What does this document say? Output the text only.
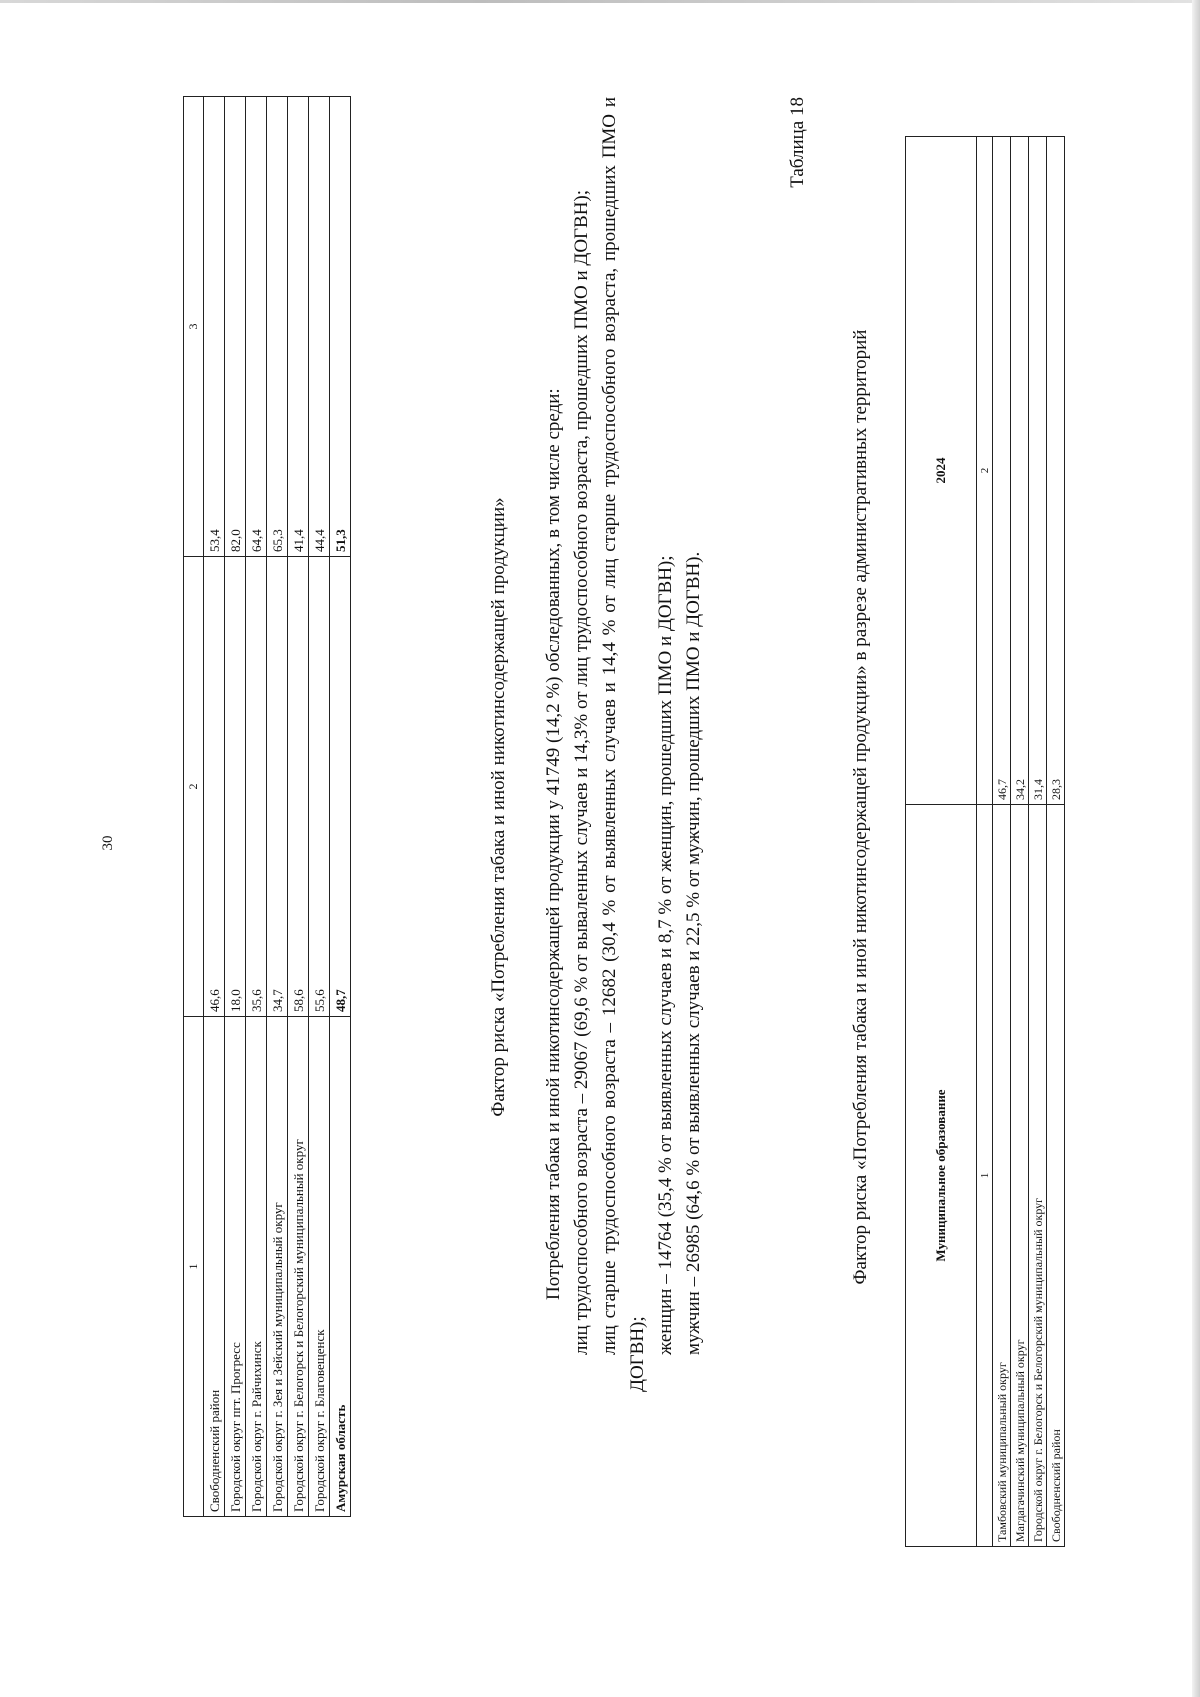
30
1	2	3
Свободненский район	46,6	53,4
Городской округ пгт. Прогресс	18,0	82,0
Городской округ г. Райчихинск	35,6	64,4
Городской округ г. Зея и Зейский муниципальный округ	34,7	65,3
Городской округ г. Белогорск и Белогорский муниципальный округ	58,6	41,4
Городской округ г. Благовещенск	55,6	44,4
Амурская область	48,7	51,3	Фактор риска «Потребления табака и иной никотинсодержащей продукции» Потребления табака и иной никотинсодержащей продукции у 41749 (14,2 %) обследованных, в том числе среди: лиц трудоспособного возраста – 29067 (69,6 % от вываленных случаев и 14,3% от лиц трудоспособного возраста, прошедших ПМО и ДОГВН); лиц старше трудоспособного возраста – 12682 (30,4 % от выявленных случаев и 14,4 % от лиц старше трудоспособного возраста, прошедших ПМО и ДОГВН); женщин – 14764 (35,4 % от выявленных случаев и 8,7 % от женщин, прошедших ПМО и ДОГВН); мужчин – 26985 (64,6 % от выявленных случаев и 22,5 % от мужчин, прошедших ПМО и ДОГВН).

Таблица 18
Фактор риска «Потребления табака и иной никотинсодержащей продукции» в разрезе административных территорий	Муниципальное образование	2024
1	2
Тамбовский муниципальный округ	46,7
Магдагачинский муниципальный округ	34,2
Городской округ г. Белогорск и Белогорский муниципальный округ	31,4
Свободненский район	28,3
